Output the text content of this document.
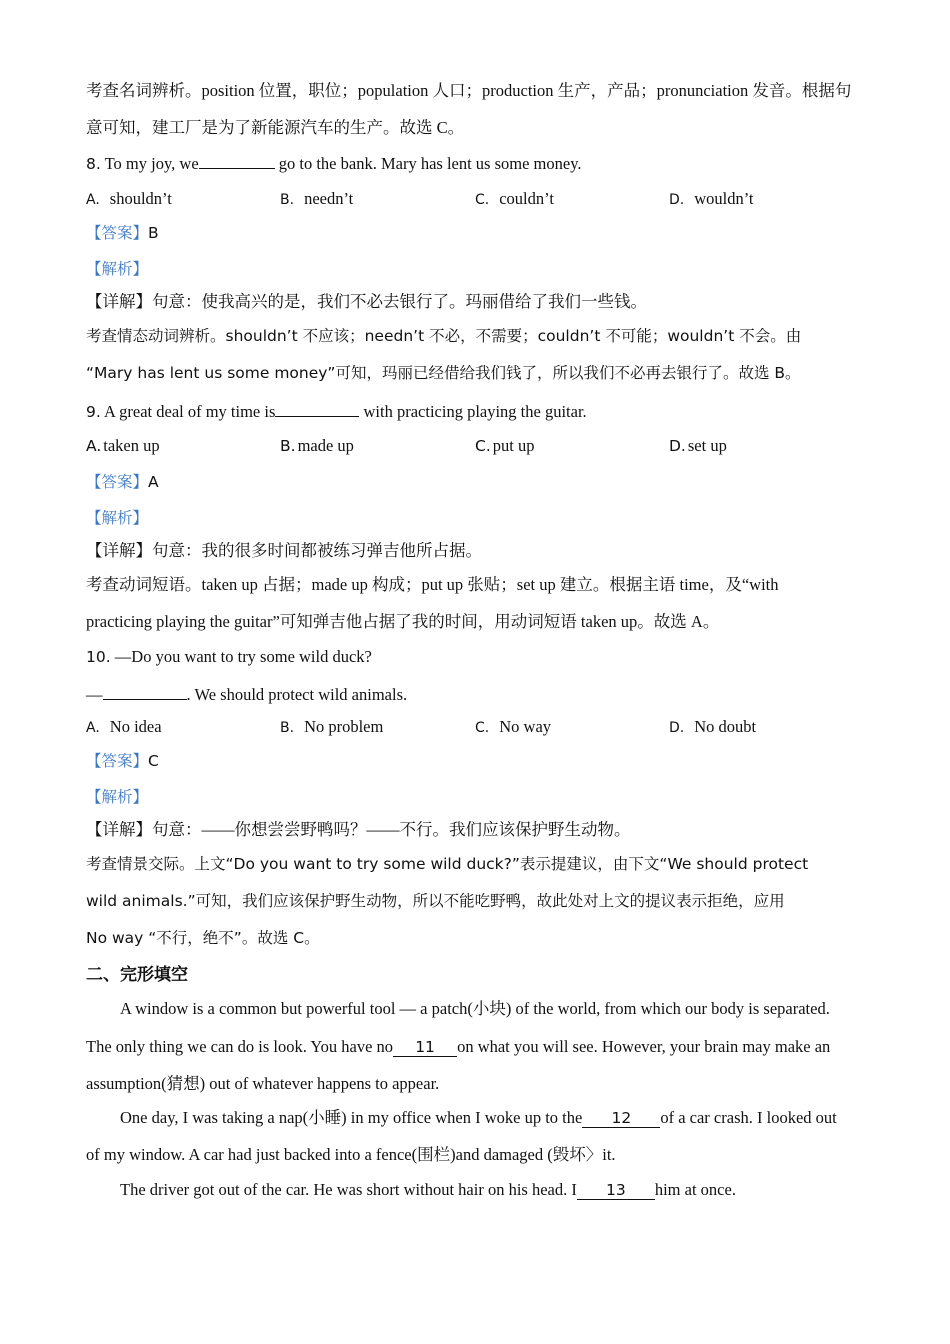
考查名词辨析。position 位置，职位；population 人口；production 生产，产品；pronunciation 发音。根据句
意可知，建工厂是为了新能源汽车的生产。故选 C。
8. To my joy, we	go to the bank. Mary has lent us some money.
A. shouldn’t	B. needn’t	C. couldn’t	D. wouldn’t
【答案】B
【解析】
【详解】句意：使我高兴的是，我们不必去银行了。玛丽借给了我们一些钱。
考查情态动词辨析。shouldn’t 不应该；needn’t 不必，不需要；couldn’t 不可能；wouldn’t 不会。由
“Mary has lent us some money”可知，玛丽已经借给我们钱了，所以我们不必再去银行了。故选 B。
9. A great deal of my time is	with practicing playing the guitar.
A. taken up	B. made up	C. put up	D. set up
【答案】A
【解析】
【详解】句意：我的很多时间都被练习弹吉他所占据。
考查动词短语。taken up 占据；made up 构成；put up 张贴；set up 建立。根据主语 time，及“with
practicing playing the guitar”可知弹吉他占据了我的时间，用动词短语 taken up。故选 A。
10. —Do you want to try some wild duck?
—	. We should protect wild animals.
A. No idea	B. No problem	C. No way	D. No doubt
【答案】C
【解析】
【详解】句意：——你想尝尝野鸭吗？——不行。我们应该保护野生动物。
考查情景交际。上文“Do you want to try some wild duck?”表示提建议，由下文“We should protect
wild animals.”可知，我们应该保护野生动物，所以不能吃野鸭，故此处对上文的提议表示拒绝，应用
No way “不行，绝不”。故选 C。
二、完形填空
A window is a common but powerful tool — a patch(小块) of the world, from which our body is separated.
The only thing we can do is look. You have no 11 on what you will see. However, your brain may make an
assumption(猜想) out of whatever happens to appear.
One day, I was taking a nap(小睡) in my office when I woke up to the 12 of a car crash. I looked out
of my window. A car had just backed into a fence(围栏)and damaged (毁坏〉it.
The driver got out of the car. He was short without hair on his head. I 13 him at once.
